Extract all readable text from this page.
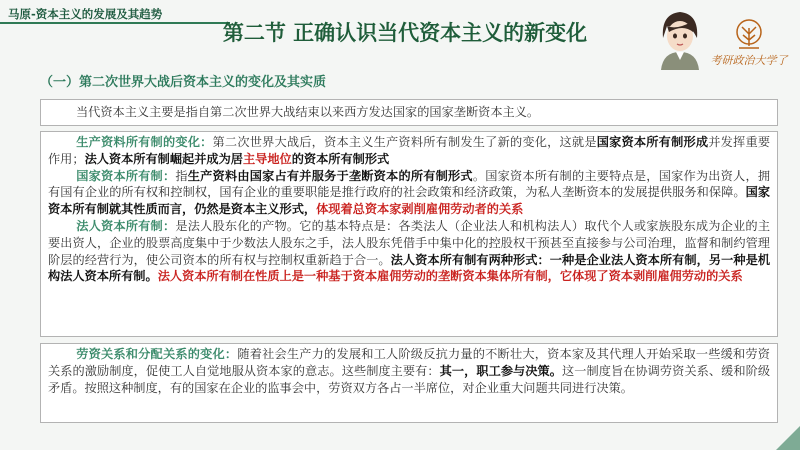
马原-资本主义的发展及其趋势
第二节 正确认识当代资本主义的新变化
考研政治大学了
（一）第二次世界大战后资本主义的变化及其实质

当代资本主义主要是指自第二次世界大战结束以来西方发达国家的国家垄断资本主义。

生产资料所有制的变化：第二次世界大战后，资本主义生产资料所有制发生了新的变化，这就是国家资本所有制形成并发挥重要作用；法人资本所有制崛起并成为居主导地位的资本所有制形式

国家资本所有制：指生产资料由国家占有并服务于垄断资本的所有制形式。国家资本所有制的主要特点是，国家作为出资人，拥有国有企业的所有权和控制权，国有企业的重要职能是推行政府的社会政策和经济政策，为私人垄断资本的发展提供服务和保障。国家资本所有制就其性质而言，仍然是资本主义形式，体现着总资本家剥削雇佣劳动者的关系

法人资本所有制：是法人股东化的产物。它的基本特点是：各类法人（企业法人和机构法人）取代个人或家族股东成为企业的主要出资人，企业的股票高度集中于少数法人股东之手，法人股东凭借手中集中化的控股权干预甚至直接参与公司治理，监督和制约管理阶层的经营行为，使公司资本的所有权与控制权重新趋于合一。法人资本所有制有两种形式：一种是企业法人资本所有制，另一种是机构法人资本所有制。法人资本所有制在性质上是一种基于资本雇佣劳动的垄断资本集体所有制，它体现了资本剥削雇佣劳动的关系

劳资关系和分配关系的变化：随着社会生产力的发展和工人阶级反抗力量的不断壮大，资本家及其代理人开始采取一些缓和劳资关系的激励制度，促使工人自觉地服从资本家的意志。这些制度主要有：其一，职工参与决策。这一制度旨在协调劳资关系、缓和阶级矛盾。按照这种制度，有的国家在企业的监事会中，劳资双方各占一半席位，对企业重大问题共同进行决策。
